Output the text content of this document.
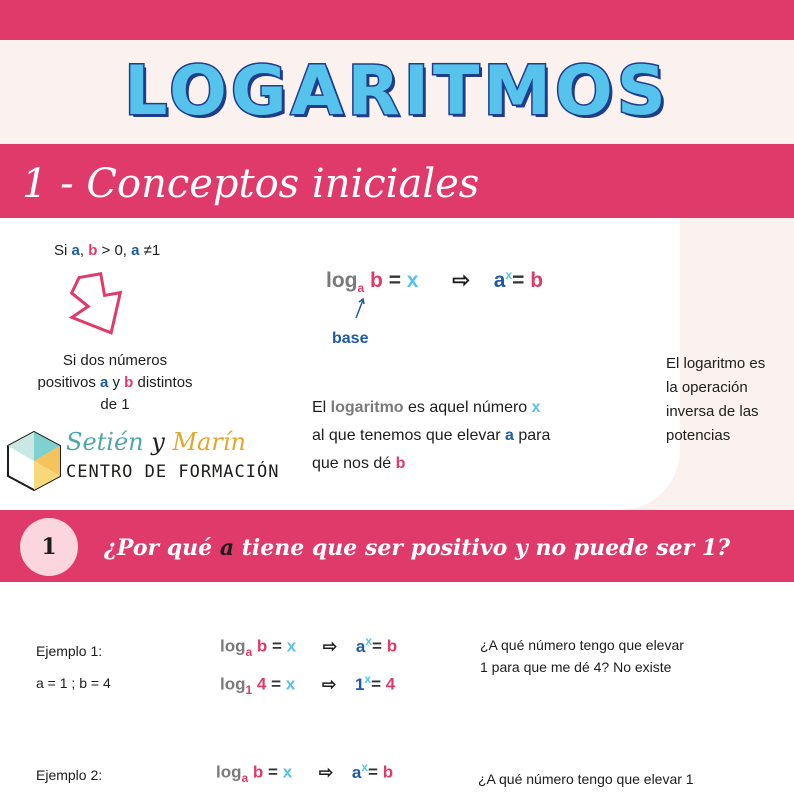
LOGARITMOS
1 - Conceptos iniciales
Si a, b > 0, a ≠1
Si dos números
positivos a y b distintos
de 1
$\log_a b = x$ ⇨ $a^x= b$
base
El logaritmo es aquel número x
al que tenemos que elevar a para
que nos dé b
El logaritmo es
la operación
inversa de las
potencias
Setién y Marín
CENTRO DE FORMACIÓN
1	¿Por qué a tiene que ser positivo y no puede ser 1?
Ejemplo 1:
a = 1 ; b = 4
$\log_a b = x$ ⇨ $a^x= b$
$\log_1 4 = x$ ⇨ $1^x= 4$
¿A qué número tengo que elevar
1 para que me dé 4? No existe
Ejemplo 2:	$\log_a b = x$ ⇨ $a^x= b$	¿A qué número tengo que elevar 1
